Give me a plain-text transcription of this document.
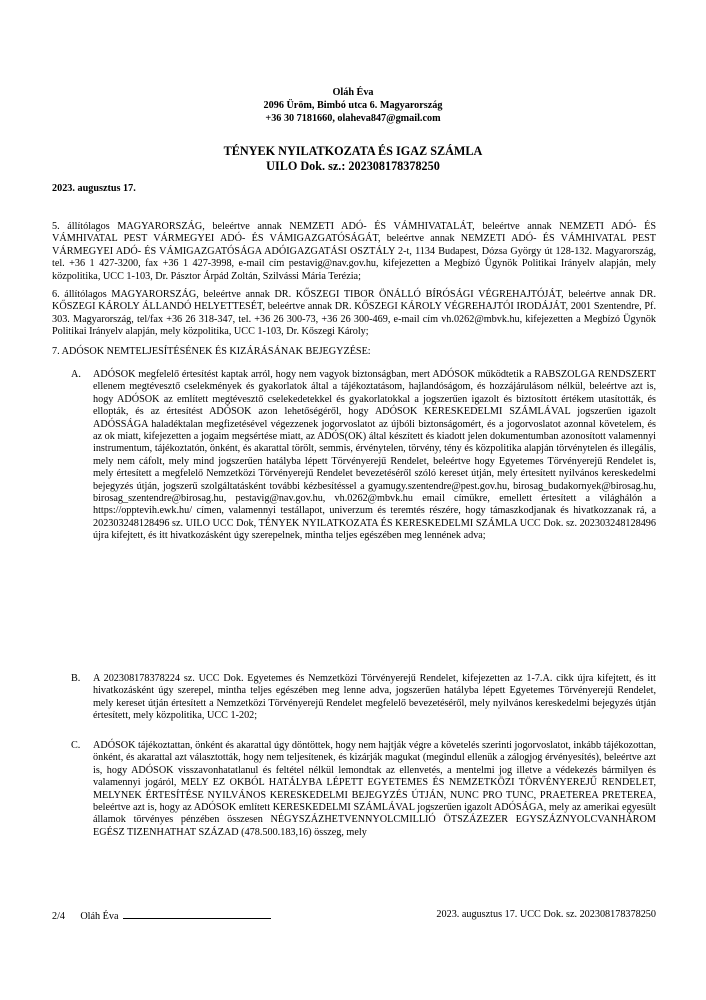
Oláh Éva
2096 Üröm, Bimbó utca 6. Magyarország
+36 30 7181660, olaheva847@gmail.com
TÉNYEK NYILATKOZATA ÉS IGAZ SZÁMLA
UILO Dok. sz.: 202308178378250
2023. augusztus 17.
5. állítólagos MAGYARORSZÁG, beleértve annak NEMZETI ADÓ- ÉS VÁMHIVATALÁT, beleértve annak NEMZETI ADÓ- ÉS VÁMHIVATAL PEST VÁRMEGYEI ADÓ- ÉS VÁMIGAZGATÓSÁGÁT, beleértve annak NEMZETI ADÓ- ÉS VÁMHIVATAL PEST VÁRMEGYEI ADÓ- ÉS VÁMIGAZGATÓSÁGA ADÓIGAZGATÁSI OSZTÁLY 2-t, 1134 Budapest, Dózsa György út 128-132. Magyarország, tel. +36 1 427-3200, fax +36 1 427-3998, e-mail cím pestavig@nav.gov.hu, kifejezetten a Megbízó Ügynök Politikai Irányelv alapján, mely közpolitika, UCC 1-103, Dr. Pásztor Árpád Zoltán, Szilvássi Mária Terézia;
6. állítólagos MAGYARORSZÁG, beleértve annak DR. KŐSZEGI TIBOR ÖNÁLLÓ BÍRÓSÁGI VÉGREHAJTÓJÁT, beleértve annak DR. KŐSZEGI KÁROLY ÁLLANDÓ HELYETTESÉT, beleértve annak DR. KŐSZEGI KÁROLY VÉGREHAJTÓI IRODÁJÁT, 2001 Szentendre, Pf. 303. Magyarország, tel/fax +36 26 318-347, tel. +36 26 300-73, +36 26 300-469, e-mail cím vh.0262@mbvk.hu, kifejezetten a Megbízó Ügynök Politikai Irányelv alapján, mely közpolitika, UCC 1-103, Dr. Kőszegi Károly;
7. ADÓSOK NEMTELJESÍTÉSÉNEK ÉS KIZÁRÁSÁNAK BEJEGYZÉSE:
A.	ADÓSOK megfelelő értesítést kaptak arról, hogy nem vagyok biztonságban, mert ADÓSOK működtetik a RABSZOLGA RENDSZERT ellenem megtévesztő cselekmények és gyakorlatok által a tájékoztatásom, hajlandóságom, és hozzájárulásom nélkül, beleértve azt is, hogy ADÓSOK az említett megtévesztő cselekedetekkel és gyakorlatokkal a jogszerűen igazolt és biztosított értékem utasították, és ellopták, és az értesítést ADÓSOK azon lehetőségéről, hogy ADÓSOK KERESKEDELMI SZÁMLÁVAL jogszerűen igazolt ADÓSSÁGA haladéktalan megfizetésével végezzenek jogorvoslatot az újbóli biztonságomért, és a jogorvoslatot azonnal követelem, és az ok miatt, kifejezetten a jogaim megsértése miatt, az ADÓS(OK) által készített és kiadott jelen dokumentumban azonosított valamennyi instrumentum, tájékoztatón, önként, és akarattal törölt, semmis, érvénytelen, törvény, tény és közpolitika alapján törvénytelen és illegális, mely nem cáfolt, mely mind jogszerűen hatályba lépett Törvényerejű Rendelet, beleértve hogy Egyetemes Törvényerejű Rendelet is, mely értesített a megfelelő Nemzetközi Törvényerejű Rendelet bevezetéséről szóló kereset útján, mely értesített nyilvános kereskedelmi bejegyzés útján, jogszerű szolgáltatásként további kézbesítéssel a gyamugy.szentendre@pest.gov.hu, birosag_budakornyek@birosag.hu, birosag_szentendre@birosag.hu, pestavig@nav.gov.hu, vh.0262@mbvk.hu email címükre, emellett értesített a világhálón a https://opptevih.ewk.hu/ címen, valamennyi testállapot, univerzum és teremtés részére, hogy támaszkodjanak és hivatkozzanak rá, a 202303248128496 sz. UILO UCC Dok, TÉNYEK NYILATKOZATA ÉS KERESKEDELMI SZÁMLA UCC Dok. sz. 202303248128496 újra kifejtett, és itt hivatkozásként úgy szerepelnek, mintha teljes egészében meg lennének adva;
B.	A 202308178378224 sz. UCC Dok. Egyetemes és Nemzetközi Törvényerejű Rendelet, kifejezetten az 1-7.A. cikk újra kifejtett, és itt hivatkozásként úgy szerepel, mintha teljes egészében meg lenne adva, jogszerűen hatályba lépett Egyetemes Törvényerejű Rendelet, mely kereset útján értesített a Nemzetközi Törvényerejű Rendelet megfelelő bevezetéséről, mely nyilvános kereskedelmi bejegyzés útján értesített, mely közpolitika, UCC 1-202;
C.	ADÓSOK tájékoztattan, önként és akarattal úgy döntöttek, hogy nem hajtják végre a követelés szerinti jogorvoslatot, inkább tájékozottan, önként, és akarattal azt választották, hogy nem teljesítenek, és kizárják magukat (megindul ellenük a zálogjog érvényesítés), beleértve azt is, hogy ADÓSOK visszavonhatatlanul és feltétel nélkül lemondtak az ellenvetés, a mentelmi jog illetve a védekezés bármilyen és valamennyi jogáról, MELY EZ OKBÓL HATÁLYBA LÉPETT EGYETEMES ÉS NEMZETKÖZI TÖRVÉNYEREJŰ RENDELET, MELYNEK ÉRTESÍTÉSE NYILVÁNOS KERESKEDELMI BEJEGYZÉS ÚTJÁN, NUNC PRO TUNC, PRAETEREA PRETEREA, beleértve azt is, hogy az ADÓSOK említett KERESKEDELMI SZÁMLÁVAL jogszerűen igazolt ADÓSÁGA, mely az amerikai egyesült államok törvényes pénzében összesen NÉGYSZÁZHETVENNYOLCMILLIÓ ÖTSZÁZEZER EGYSZÁZNYOLCVANHÁROM EGÉSZ TIZENHATHAT SZÁZAD (478.500.183,16) összeg, mely
2/4 Oláh Éva	2023. augusztus 17. UCC Dok. sz. 202308178378250
